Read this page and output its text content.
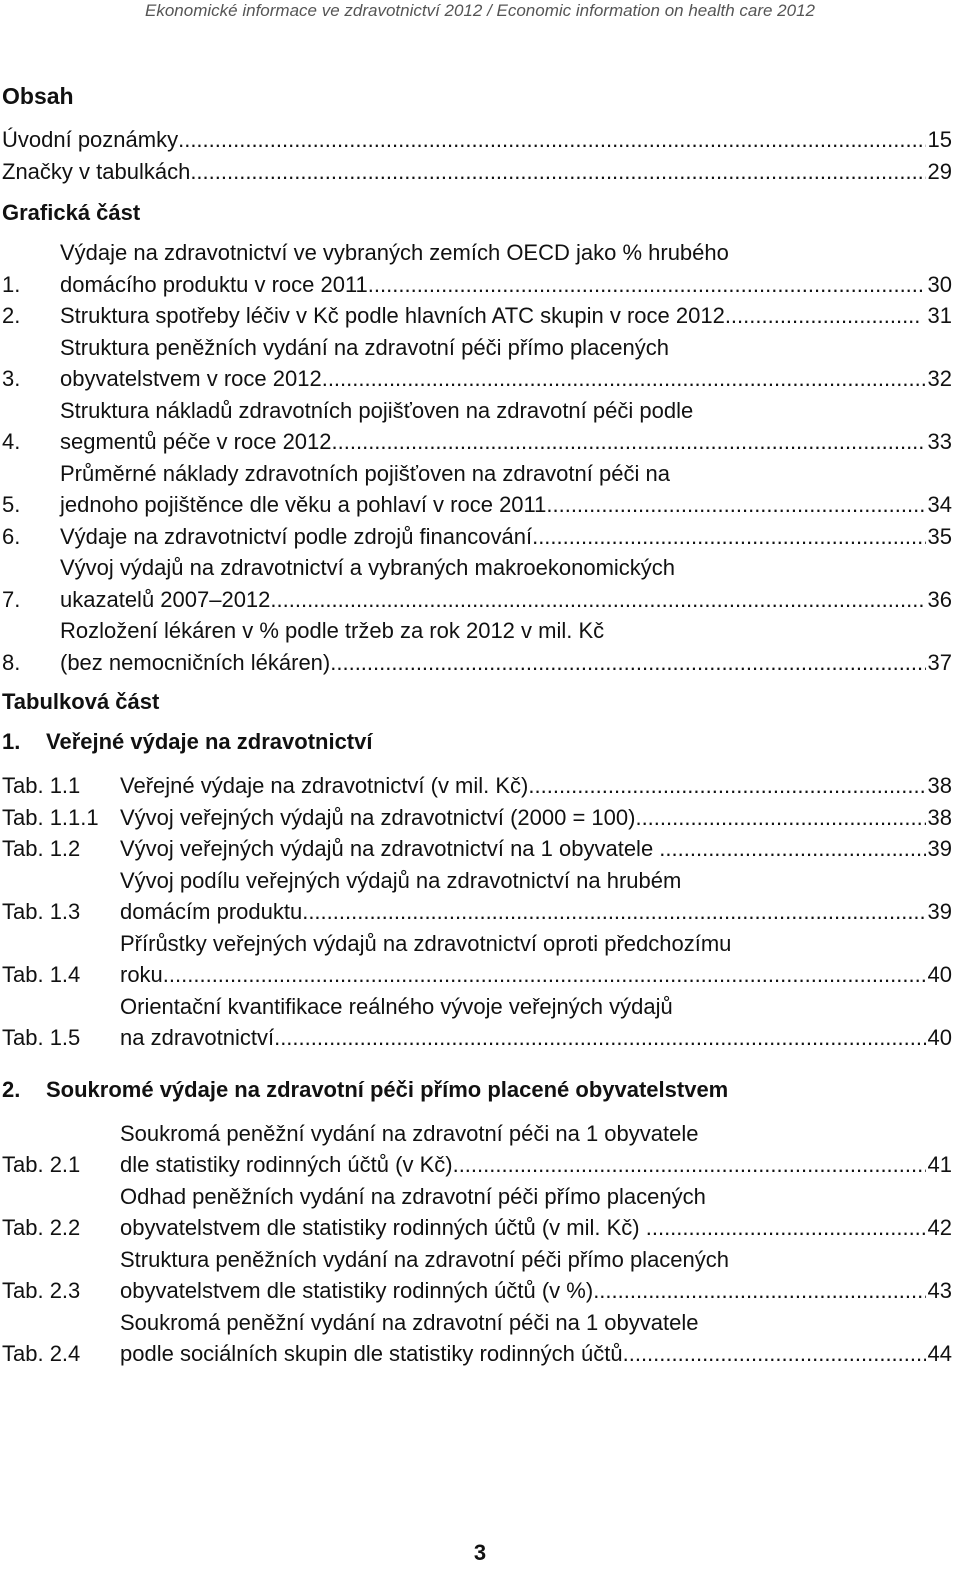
Ekonomické informace ve zdravotnictví 2012 / Economic information on health care 2012
Obsah
Úvodní poznámky .....	15
Značky v tabulkách .....	29
Grafická část
1.
Výdaje na zdravotnictví ve vybraných zemích OECD jako % hrubého
domácího produktu v roce 2011 .....	30
2.	Struktura spotřeby léčiv v Kč podle hlavních ATC skupin v roce 2012 .....	31
3.
Struktura peněžních vydání na zdravotní péči přímo placených
obyvatelstvem v roce 2012 .....	32
4.
Struktura nákladů zdravotních pojišťoven na zdravotní péči podle
segmentů péče v roce 2012 .....	33
5.
Průměrné náklady zdravotních pojišťoven na zdravotní péči na
jednoho pojištěnce dle věku a pohlaví v roce 2011 .....	34
6.	Výdaje na zdravotnictví podle zdrojů financování .....	35
7.
Vývoj výdajů na zdravotnictví a vybraných makroekonomických
ukazatelů 2007–2012 .....	36
8.
Rozložení lékáren v % podle tržeb za rok 2012 v mil. Kč
(bez nemocničních lékáren) .....	37
Tabulková část
1.	Veřejné výdaje na zdravotnictví
Tab. 1.1	Veřejné výdaje na zdravotnictví (v mil. Kč) .....	38
Tab. 1.1.1 Vývoj veřejných výdajů na zdravotnictví (2000 = 100) .....	38
Tab. 1.2	Vývoj veřejných výdajů na zdravotnictví na 1 obyvatele .....	39
Tab. 1.3
Vývoj podílu veřejných výdajů na zdravotnictví na hrubém
domácím produktu .....	39
Tab. 1.4
Přírůstky veřejných výdajů na zdravotnictví oproti předchozímu
roku .....	40
Tab. 1.5
Orientační kvantifikace reálného vývoje veřejných výdajů
na zdravotnictví .....	40
2.	Soukromé výdaje na zdravotní péči přímo placené obyvatelstvem
Tab. 2.1
Soukromá peněžní vydání na zdravotní péči na 1 obyvatele
dle statistiky rodinných účtů (v Kč) .....	41
Tab. 2.2
Odhad peněžních vydání na zdravotní péči přímo placených
obyvatelstvem dle statistiky rodinných účtů (v mil. Kč) .....	42
Tab. 2.3
Struktura peněžních vydání na zdravotní péči přímo placených
obyvatelstvem dle statistiky rodinných účtů (v %) .....	43
Tab. 2.4
Soukromá peněžní vydání na zdravotní péči na 1 obyvatele
podle sociálních skupin dle statistiky rodinných účtů .....	44
3
